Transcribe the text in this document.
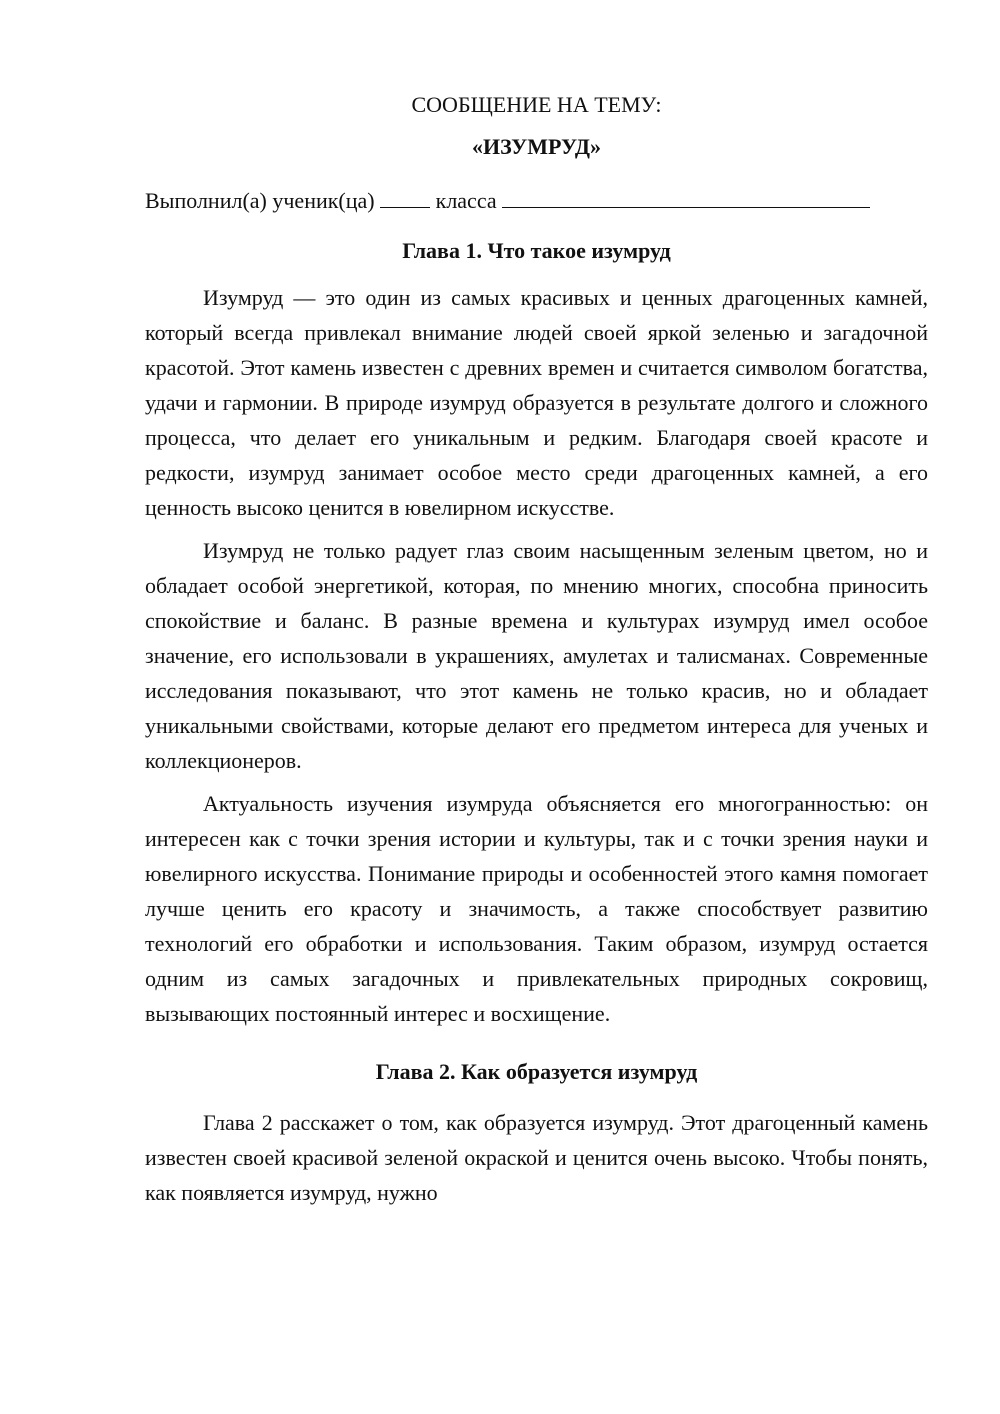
СООБЩЕНИЕ НА ТЕМУ:

«ИЗУМРУД»

Выполнил(а) ученик(ца)	класса

Глава 1. Что такое изумруд

Изумруд — это один из самых красивых и ценных драгоценных камней, который всегда привлекал внимание людей своей яркой зеленью и загадочной красотой. Этот камень известен с древних времен и считается символом богатства, удачи и гармонии. В природе изумруд образуется в результате долгого и сложного процесса, что делает его уникальным и редким. Благодаря своей красоте и редкости, изумруд занимает особое место среди драгоценных камней, а его ценность высоко ценится в ювелирном искусстве.

Изумруд не только радует глаз своим насыщенным зеленым цветом, но и обладает особой энергетикой, которая, по мнению многих, способна приносить спокойствие и баланс. В разные времена и культурах изумруд имел особое значение, его использовали в украшениях, амулетах и талисманах. Современные исследования показывают, что этот камень не только красив, но и обладает уникальными свойствами, которые делают его предметом интереса для ученых и коллекционеров.

Актуальность изучения изумруда объясняется его многогранностью: он интересен как с точки зрения истории и культуры, так и с точки зрения науки и ювелирного искусства. Понимание природы и особенностей этого камня помогает лучше ценить его красоту и значимость, а также способствует развитию технологий его обработки и использования. Таким образом, изумруд остается одним из самых загадочных и привлекательных природных сокровищ, вызывающих постоянный интерес и восхищение.

Глава 2. Как образуется изумруд

Глава 2 расскажет о том, как образуется изумруд. Этот драгоценный камень известен своей красивой зеленой окраской и ценится очень высоко. Чтобы понять, как появляется изумруд, нужно
